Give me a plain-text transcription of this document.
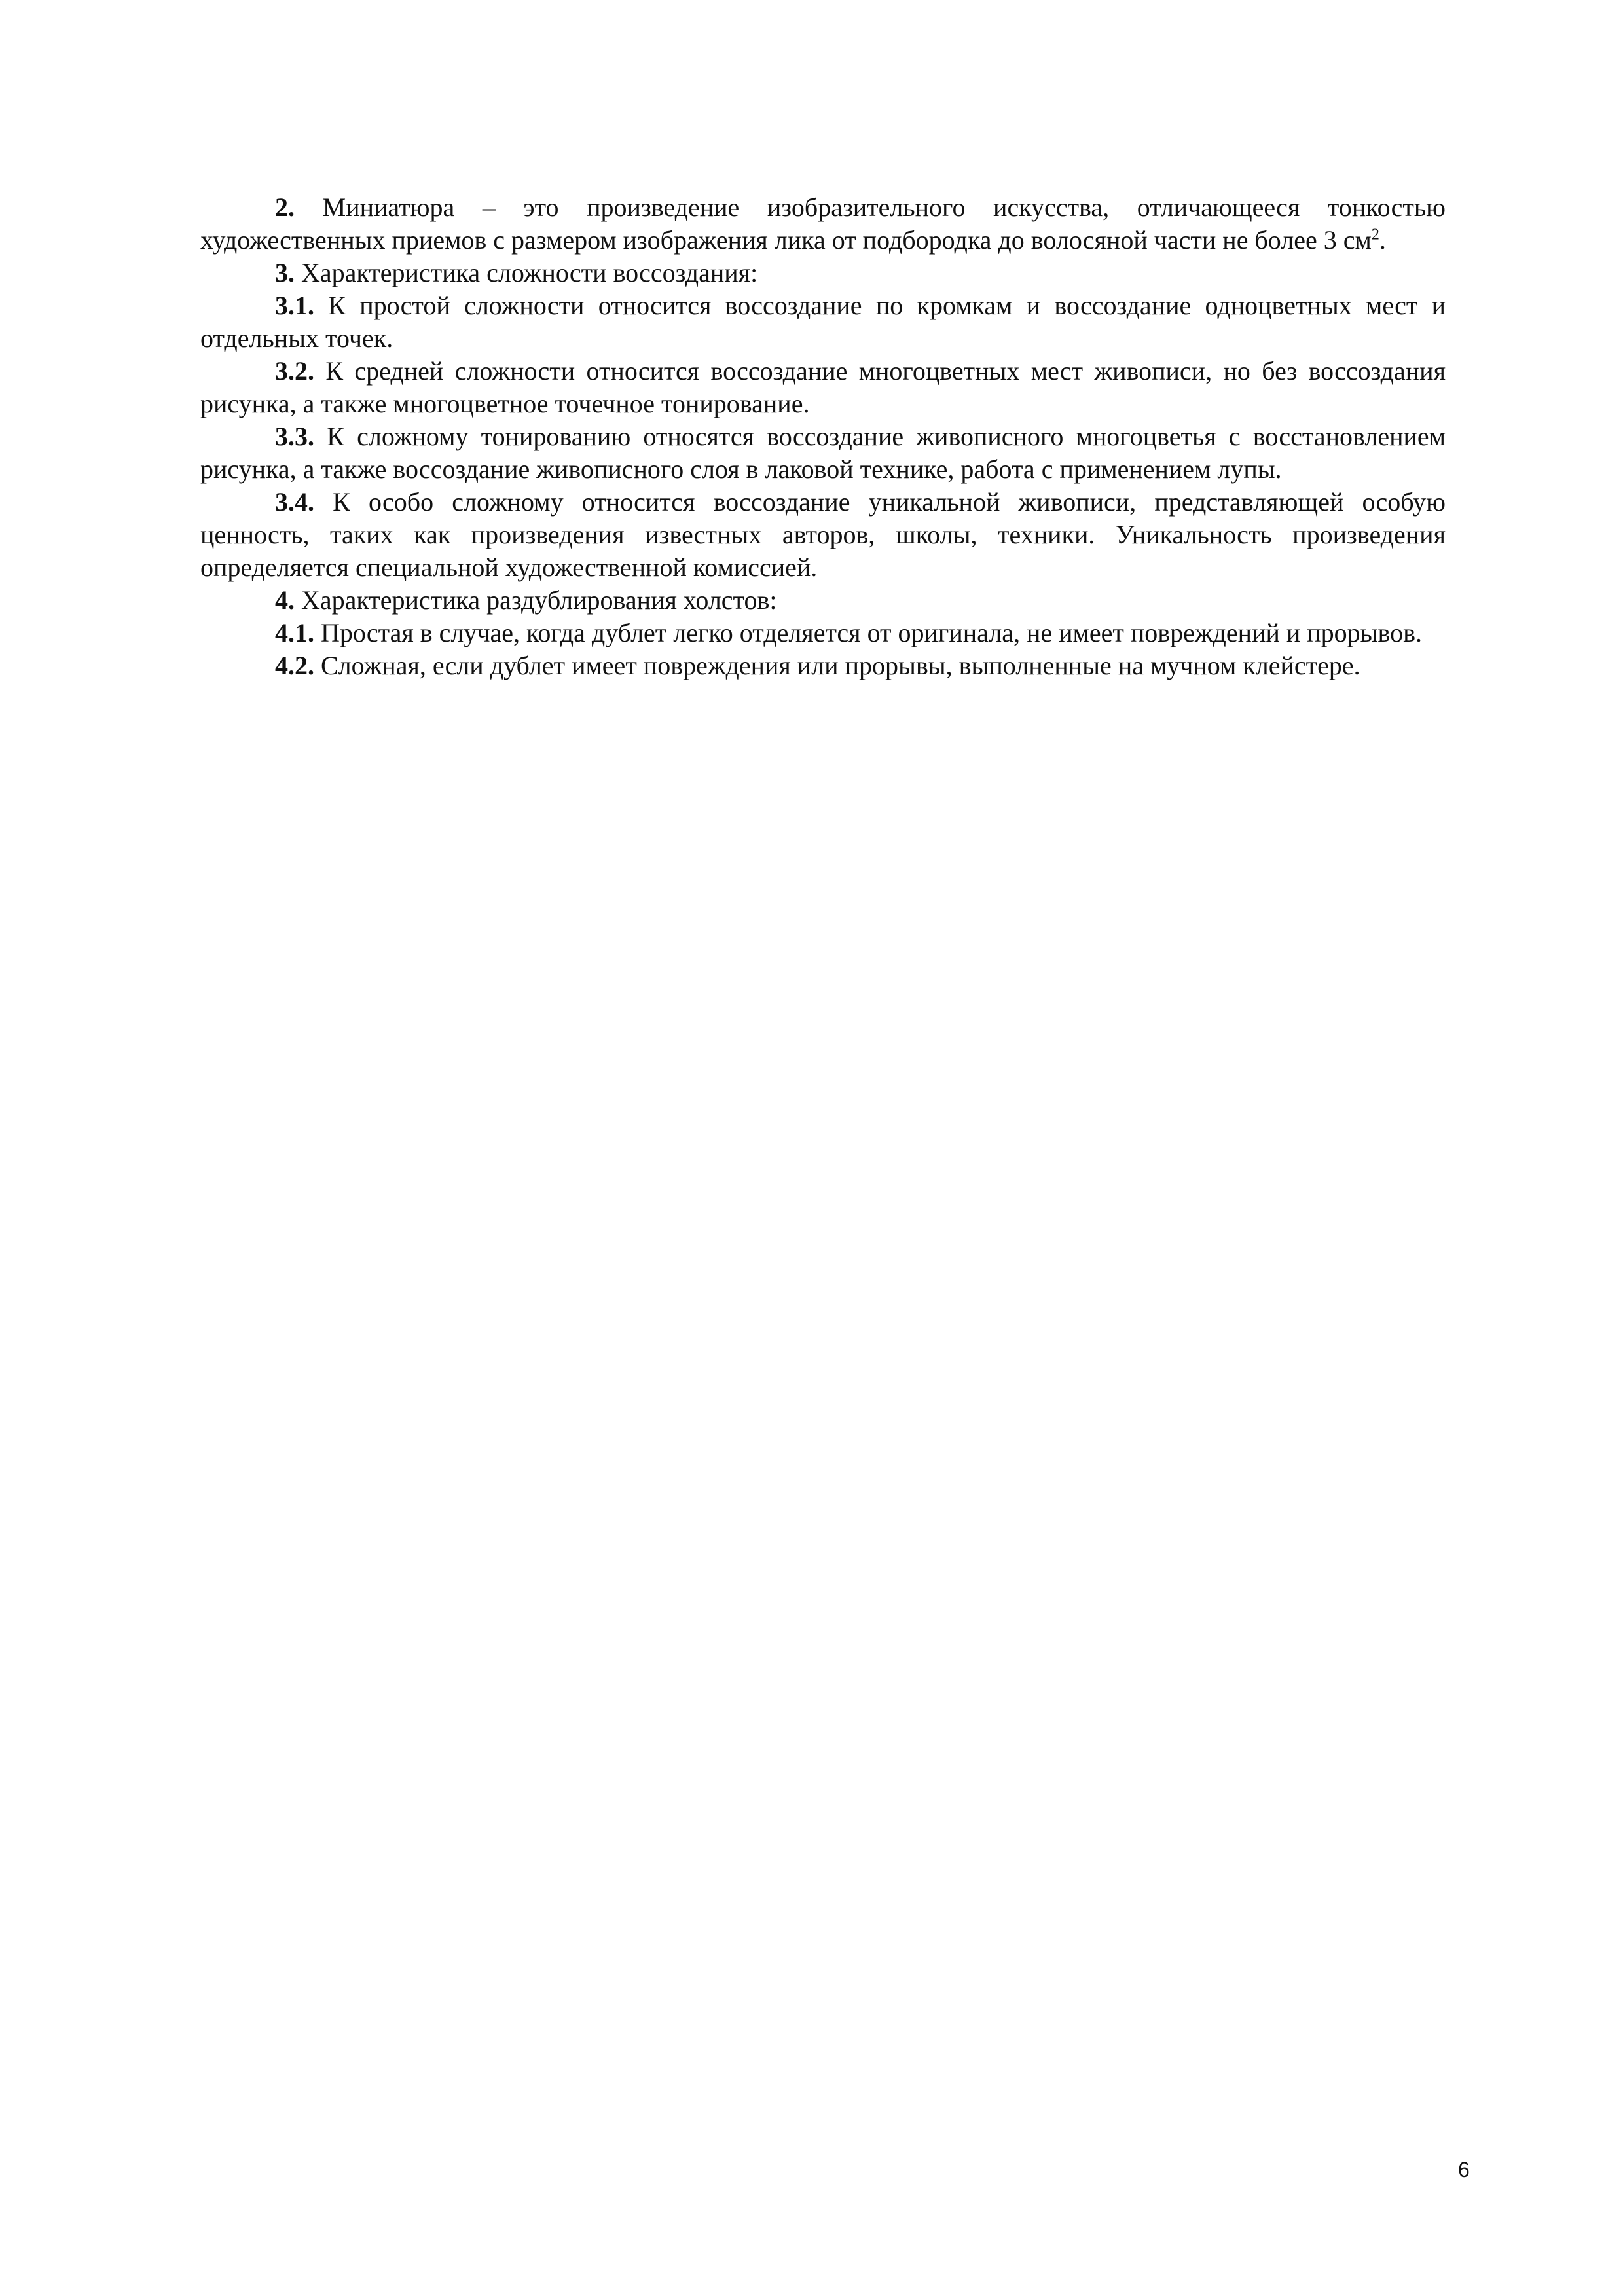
2. Миниатюра – это произведение изобразительного искусства, отличающееся тонкостью художественных приемов с размером изображения лика от подбородка до волосяной части не более 3 $см^2$.

3. Характеристика сложности воссоздания:

3.1. К простой сложности относится воссоздание по кромкам и воссоздание одноцветных мест и отдельных точек.

3.2. К средней сложности относится воссоздание многоцветных мест живописи, но без воссоздания рисунка, а также многоцветное точечное тонирование.

3.3. К сложному тонированию относятся воссоздание живописного многоцветья с восстановлением рисунка, а также воссоздание живописного слоя в лаковой технике, работа с применением лупы.

3.4. К особо сложному относится воссоздание уникальной живописи, представляющей особую ценность, таких как произведения известных авторов, школы, техники. Уникальность произведения определяется специальной художественной комиссией.

4. Характеристика раздублирования холстов:

4.1. Простая в случае, когда дублет легко отделяется от оригинала, не имеет повреждений и прорывов.

4.2. Сложная, если дублет имеет повреждения или прорывы, выполненные на мучном клейстере.

6
